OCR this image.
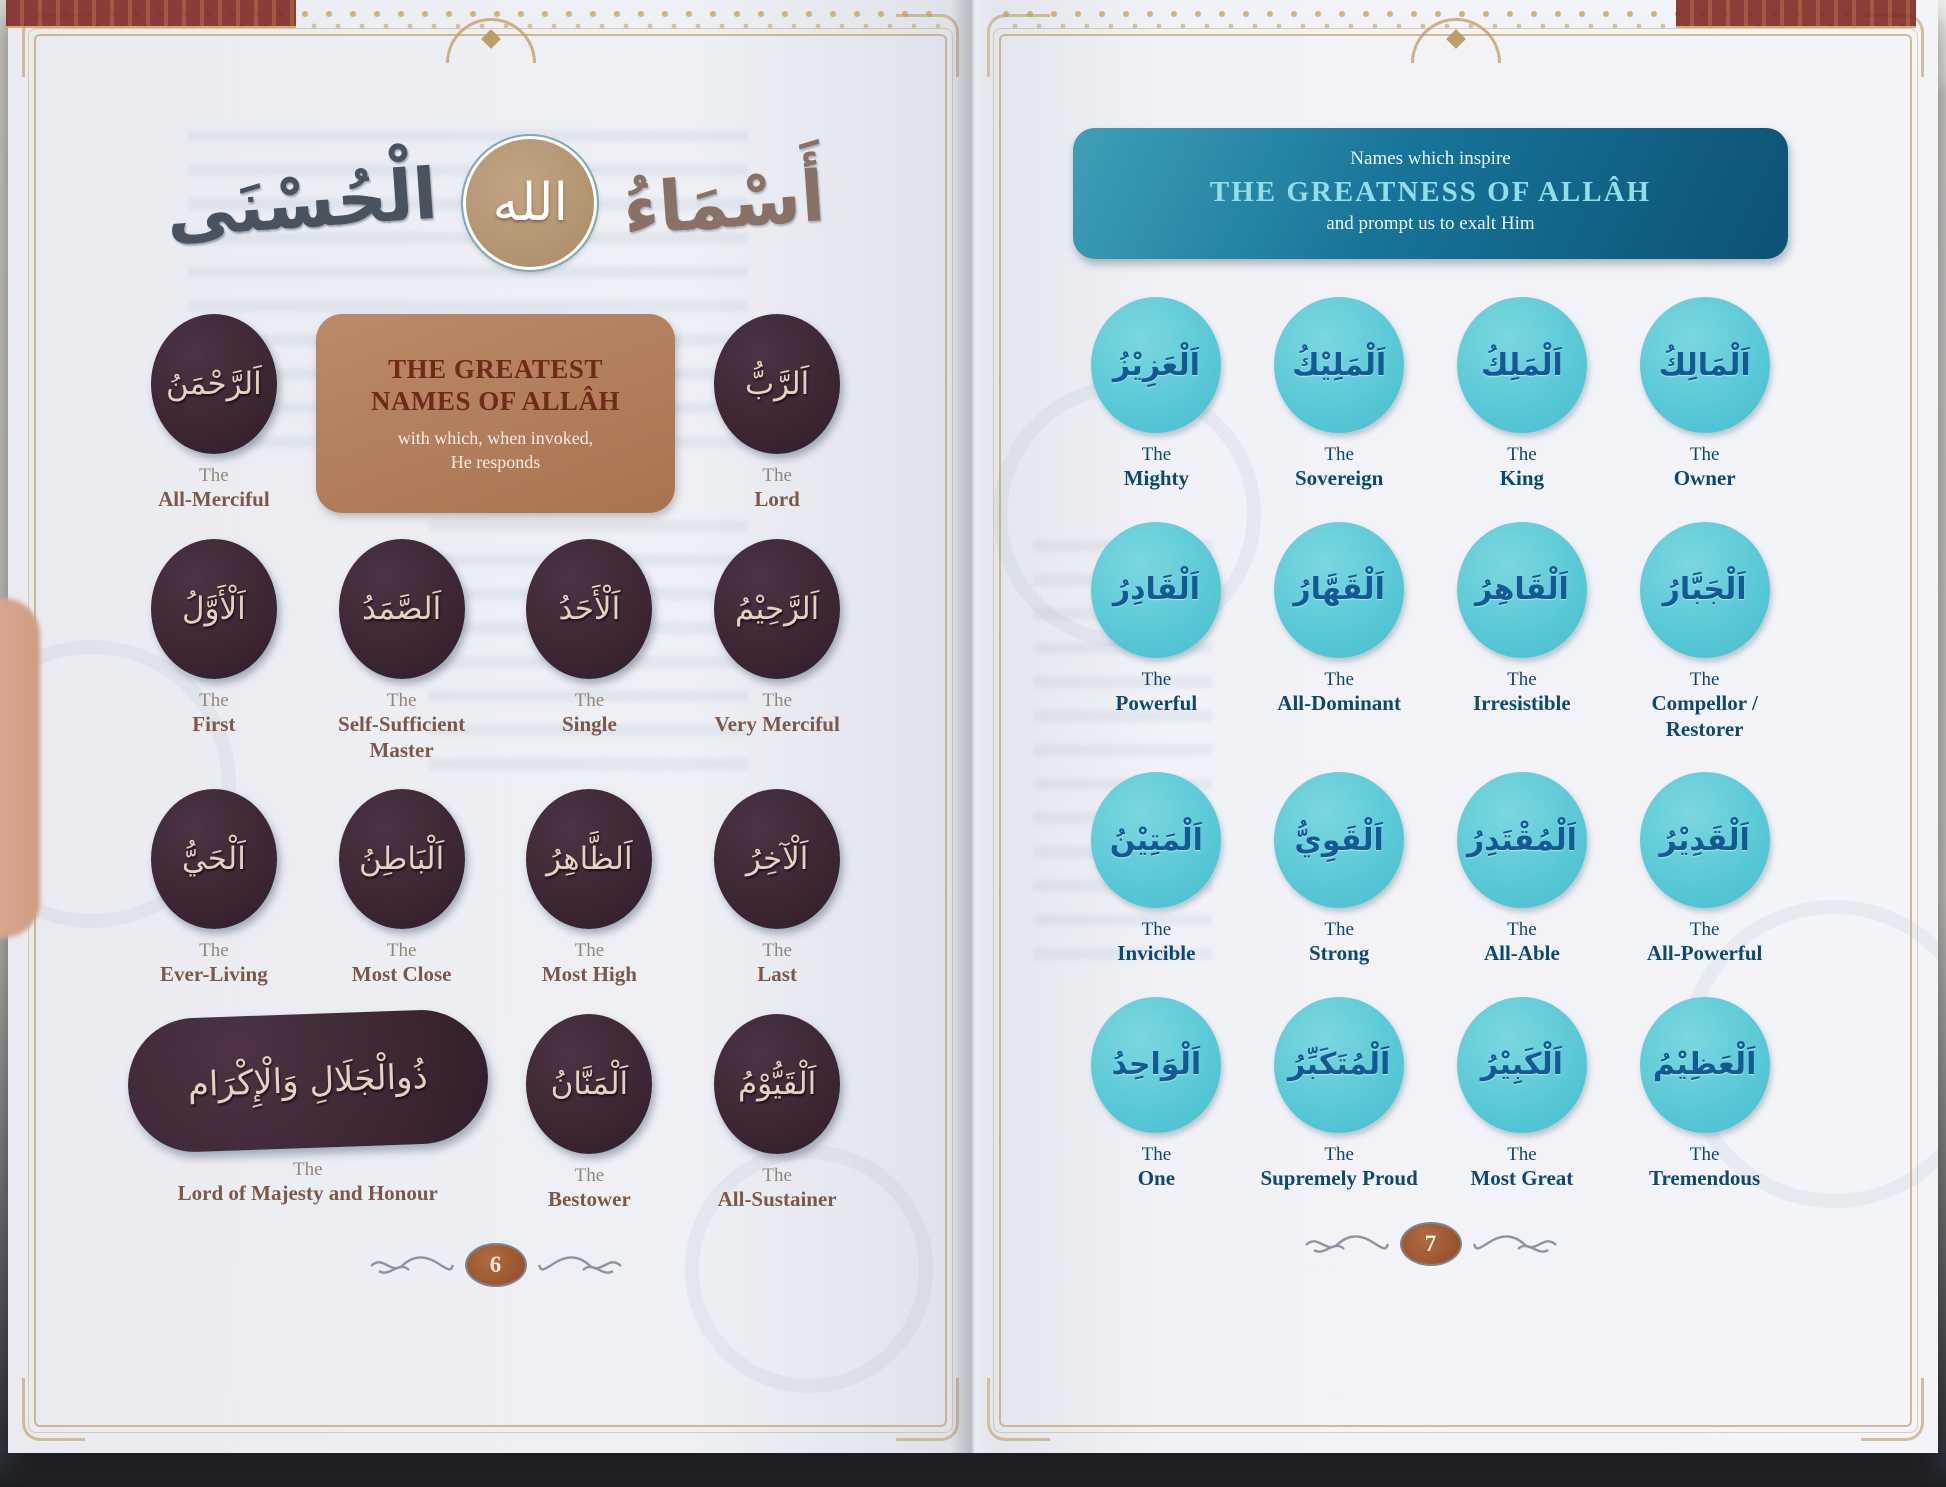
أَسْمَاءُ
الله
الْحُسْنَى
اَلرَّحْمَنُ
The
All-Merciful
THE GREATEST NAMES OF ALLÂH
with which, when invoked,
He responds
اَلرَّبُّ
The
Lord
اَلْأَوَّلُ
The
First
اَلصَّمَدُ
The
Self-Sufficient Master
اَلْأَحَدُ
The
Single
اَلرَّحِيْمُ
The
Very Merciful
اَلْحَيُّ
The
Ever-Living
اَلْبَاطِنُ
The
Most Close
اَلظَّاهِرُ
The
Most High
اَلْآخِرُ
The
Last
ذُوالْجَلَالِ وَالْإِكْرَام
The
Lord of Majesty and Honour
اَلْمَنَّانُ
The
Bestower
اَلْقَيُّوْمُ
The
All-Sustainer
6
Names which inspire
THE GREATNESS OF ALLÂH
and prompt us to exalt Him
اَلْعَزِيْزُ
The
Mighty
اَلْمَلِيْكُ
The
Sovereign
اَلْمَلِكُ
The
King
اَلْمَالِكُ
The
Owner
اَلْقَادِرُ
The
Powerful
اَلْقَهَّارُ
The
All-Dominant
اَلْقَاهِرُ
The
Irresistible
اَلْجَبَّارُ
The
Compellor / Restorer
اَلْمَتِيْنُ
The
Invicible
اَلْقَوِيُّ
The
Strong
اَلْمُقْتَدِرُ
The
All-Able
اَلْقَدِيْرُ
The
All-Powerful
اَلْوَاحِدُ
The
One
اَلْمُتَكَبِّرُ
The
Supremely Proud
اَلْكَبِيْرُ
The
Most Great
اَلْعَظِيْمُ
The
Tremendous
7
